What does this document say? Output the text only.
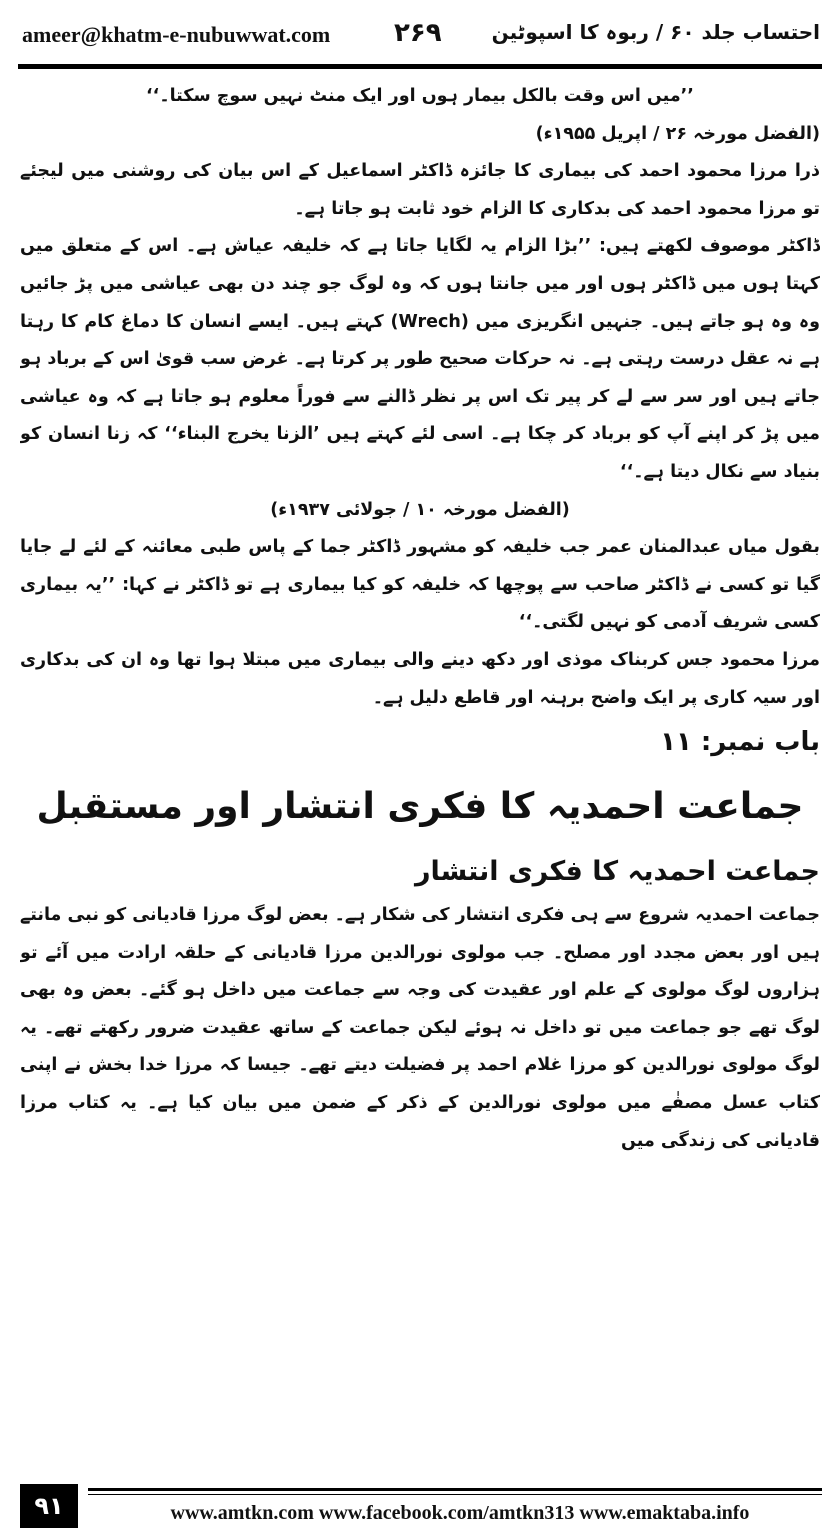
ameer@khatm-e-nubuwwat.com ۲۶۹	احتساب جلد ۶۰ / ربوہ کا اسپوٹین

’’میں اس وقت بالکل بیمار ہوں اور ایک منٹ نہیں سوچ سکتا۔‘‘

(الفضل مورخہ ۲۶ / اپریل ۱۹۵۵ء)

ذرا مرزا محمود احمد کی بیماری کا جائزہ ڈاکٹر اسماعیل کے اس بیان کی روشنی میں لیجئے تو مرزا محمود احمد کی بدکاری کا الزام خود ثابت ہو جاتا ہے۔

ڈاکٹر موصوف لکھتے ہیں: ’’بڑا الزام یہ لگایا جاتا ہے کہ خلیفہ عیاش ہے۔ اس کے متعلق میں کہتا ہوں میں ڈاکٹر ہوں اور میں جانتا ہوں کہ وہ لوگ جو چند دن بھی عیاشی میں پڑ جائیں وہ وہ ہو جاتے ہیں۔ جنہیں انگریزی میں (Wrech) کہتے ہیں۔ ایسے انسان کا دماغ کام کا رہتا ہے نہ عقل درست رہتی ہے۔ نہ حرکات صحیح طور پر کرتا ہے۔ غرض سب قویٰ اس کے برباد ہو جاتے ہیں اور سر سے لے کر پیر تک اس پر نظر ڈالنے سے فوراً معلوم ہو جاتا ہے کہ وہ عیاشی میں پڑ کر اپنے آپ کو برباد کر چکا ہے۔ اسی لئے کہتے ہیں ’الزنا یخرج البناء‘‘ کہ زنا انسان کو بنیاد سے نکال دیتا ہے۔‘‘

(الفضل مورخہ ۱۰ / جولائی ۱۹۳۷ء)

بقول میاں عبدالمنان عمر جب خلیفہ کو مشہور ڈاکٹر جما کے پاس طبی معائنہ کے لئے لے جایا گیا تو کسی نے ڈاکٹر صاحب سے پوچھا کہ خلیفہ کو کیا بیماری ہے تو ڈاکٹر نے کہا: ’’یہ بیماری کسی شریف آدمی کو نہیں لگتی۔‘‘

مرزا محمود جس کربناک موذی اور دکھ دینے والی بیماری میں مبتلا ہوا تھا وہ ان کی بدکاری اور سیہ کاری پر ایک واضح برہنہ اور قاطع دلیل ہے۔

باب نمبر: ۱۱

جماعت احمدیہ کا فکری انتشار اور مستقبل

جماعت احمدیہ کا فکری انتشار

جماعت احمدیہ شروع سے ہی فکری انتشار کی شکار ہے۔ بعض لوگ مرزا قادیانی کو نبی مانتے ہیں اور بعض مجدد اور مصلح۔ جب مولوی نورالدین مرزا قادیانی کے حلقہ ارادت میں آئے تو ہزاروں لوگ مولوی کے علم اور عقیدت کی وجہ سے جماعت میں داخل ہو گئے۔ بعض وہ بھی لوگ تھے جو جماعت میں تو داخل نہ ہوئے لیکن جماعت کے ساتھ عقیدت ضرور رکھتے تھے۔ یہ لوگ مولوی نورالدین کو مرزا غلام احمد پر فضیلت دیتے تھے۔ جیسا کہ مرزا خدا بخش نے اپنی کتاب عسل مصفٰے میں مولوی نورالدین کے ذکر کے ضمن میں بیان کیا ہے۔ یہ کتاب مرزا قادیانی کی زندگی میں

۹۱	www.amtkn.com www.facebook.com/amtkn313 www.emaktaba.info
